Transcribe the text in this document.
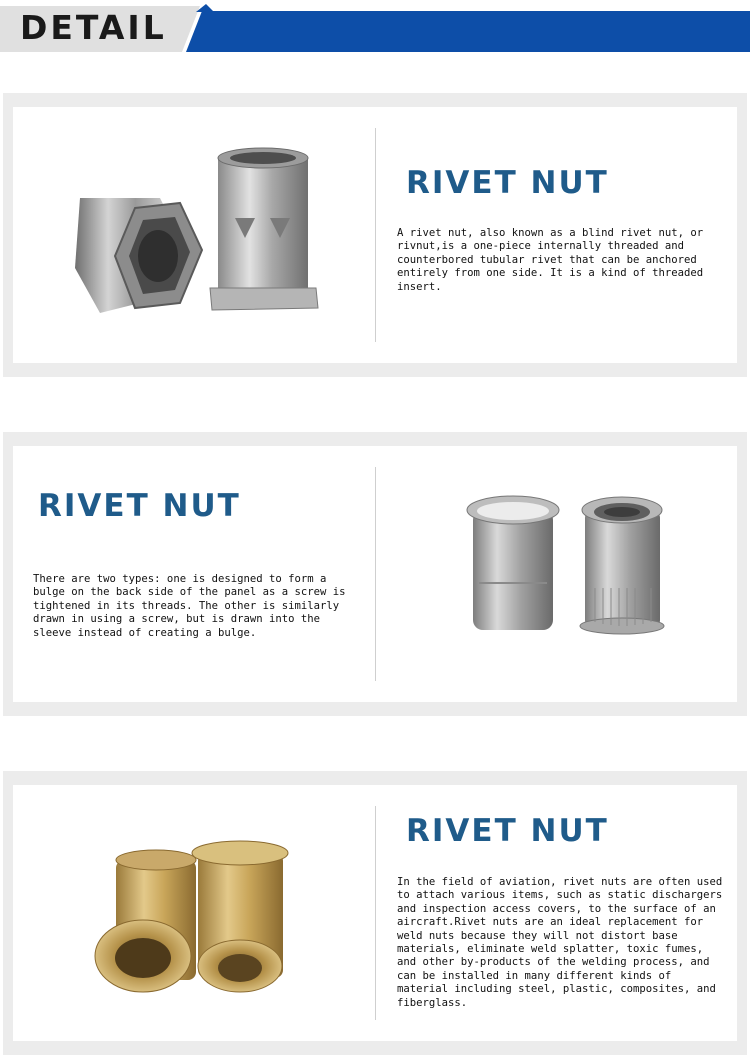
DETAIL
RIVET NUT

A rivet nut, also known as a blind rivet nut, or rivnut,is a one-piece internally threaded and counterbored tubular rivet that can be anchored entirely from one side. It is a kind of threaded insert.

RIVET NUT

There are two types: one is designed to form a bulge on the back side of the panel as a screw is tightened in its threads. The other is similarly drawn in using a screw, but is drawn into the sleeve instead of creating a bulge.

RIVET NUT

In the field of aviation, rivet nuts are often used to attach various items, such as static dischargers and inspection access covers, to the surface of an aircraft.Rivet nuts are an ideal replacement for weld nuts because they will not distort base materials, eliminate weld splatter, toxic fumes, and other by-products of the welding process, and can be installed in many different kinds of material including steel, plastic, composites, and fiberglass.
